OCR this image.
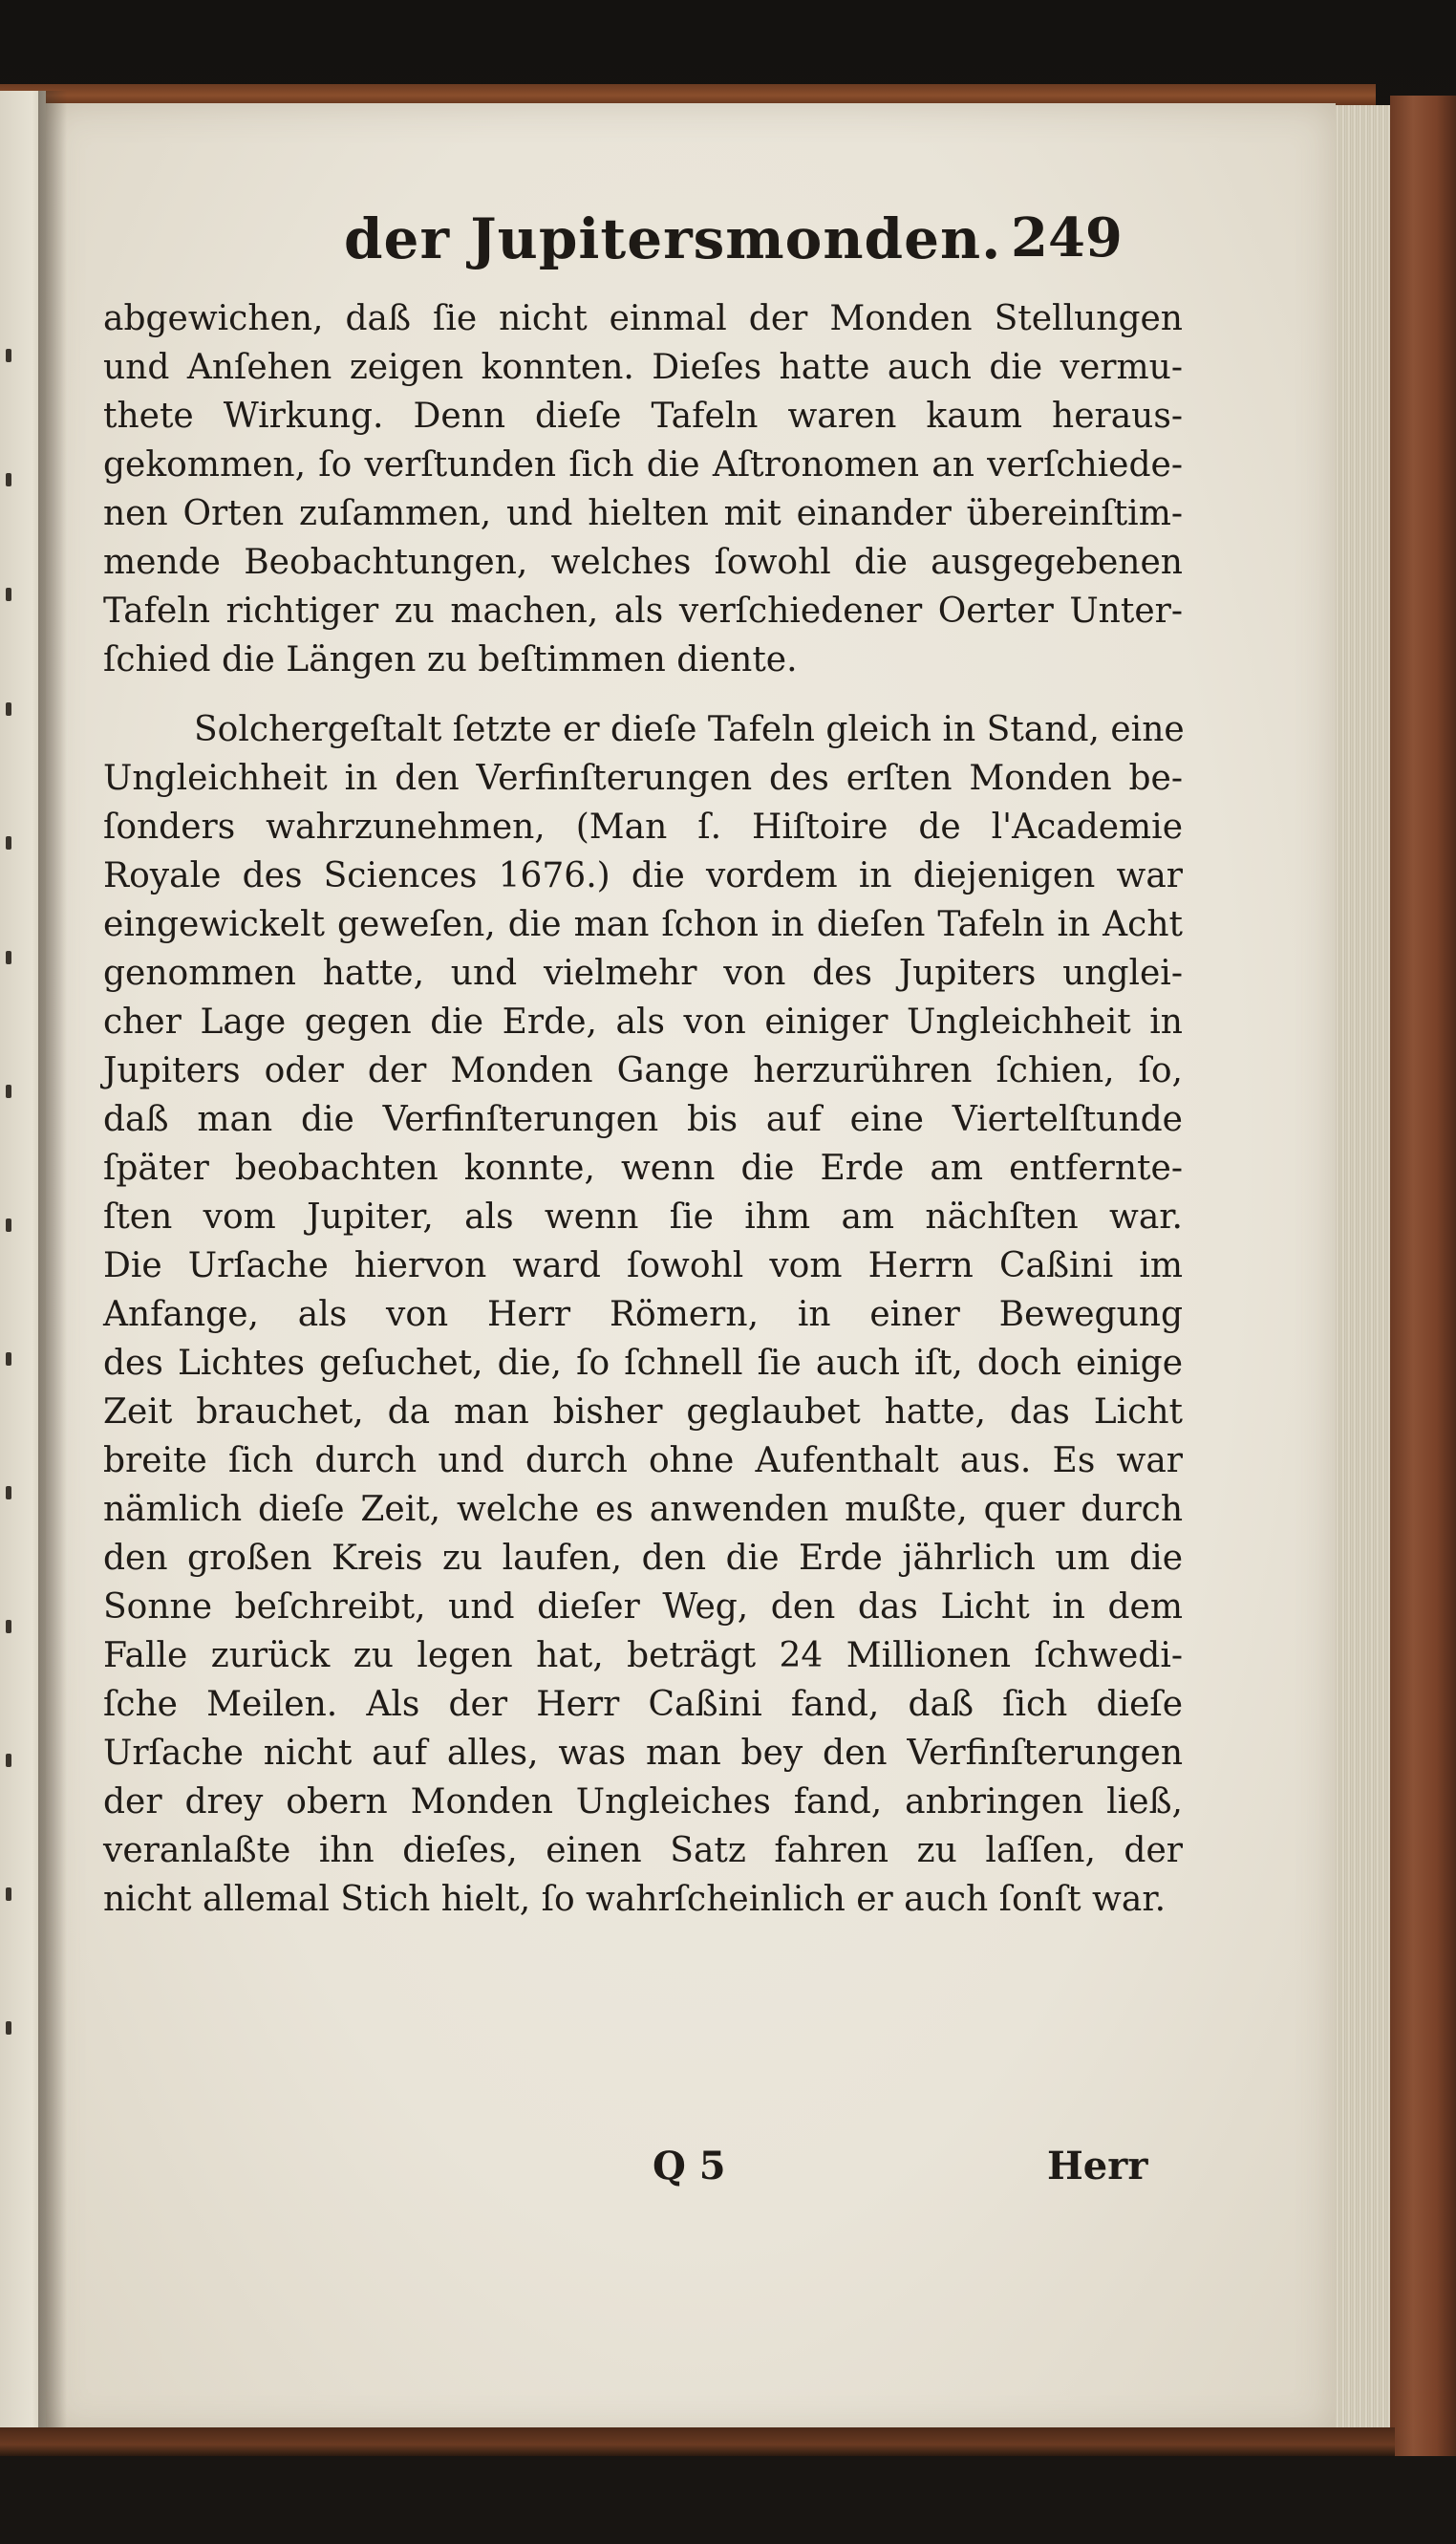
der Jupitersmonden. 249
abgewichen, daß ſie nicht einmal der Monden Stellungen
und Anſehen zeigen konnten. Dieſes hatte auch die vermu-
thete Wirkung. Denn dieſe Tafeln waren kaum heraus-
gekommen, ſo verſtunden ſich die Aſtronomen an verſchiede-
nen Orten zuſammen, und hielten mit einander übereinſtim-
mende Beobachtungen, welches ſowohl die ausgegebenen
Tafeln richtiger zu machen, als verſchiedener Oerter Unter-
ſchied die Längen zu beſtimmen diente.
Solchergeſtalt ſetzte er dieſe Tafeln gleich in Stand, eine
Ungleichheit in den Verfinſterungen des erſten Monden be-
ſonders wahrzunehmen, (Man ſ. Hiſtoire de l'Academie
Royale des Sciences 1676.) die vordem in diejenigen war
eingewickelt geweſen, die man ſchon in dieſen Tafeln in Acht
genommen hatte, und vielmehr von des Jupiters unglei-
cher Lage gegen die Erde, als von einiger Ungleichheit in
Jupiters oder der Monden Gange herzurühren ſchien, ſo,
daß man die Verfinſterungen bis auf eine Viertelſtunde
ſpäter beobachten konnte, wenn die Erde am entfernte-
ſten vom Jupiter, als wenn ſie ihm am nächſten war.
Die Urſache hiervon ward ſowohl vom Herrn Caßini im
Anfange, als von Herr Römern, in einer Bewegung
des Lichtes geſuchet, die, ſo ſchnell ſie auch iſt, doch einige
Zeit brauchet, da man bisher geglaubet hatte, das Licht
breite ſich durch und durch ohne Aufenthalt aus. Es war
nämlich dieſe Zeit, welche es anwenden mußte, quer durch
den großen Kreis zu laufen, den die Erde jährlich um die
Sonne beſchreibt, und dieſer Weg, den das Licht in dem
Falle zurück zu legen hat, beträgt 24 Millionen ſchwedi-
ſche Meilen. Als der Herr Caßini fand, daß ſich dieſe
Urſache nicht auf alles, was man bey den Verfinſterungen
der drey obern Monden Ungleiches fand, anbringen ließ,
veranlaßte ihn dieſes, einen Satz fahren zu laſſen, der
nicht allemal Stich hielt, ſo wahrſcheinlich er auch ſonſt war.
Q 5	Herr
